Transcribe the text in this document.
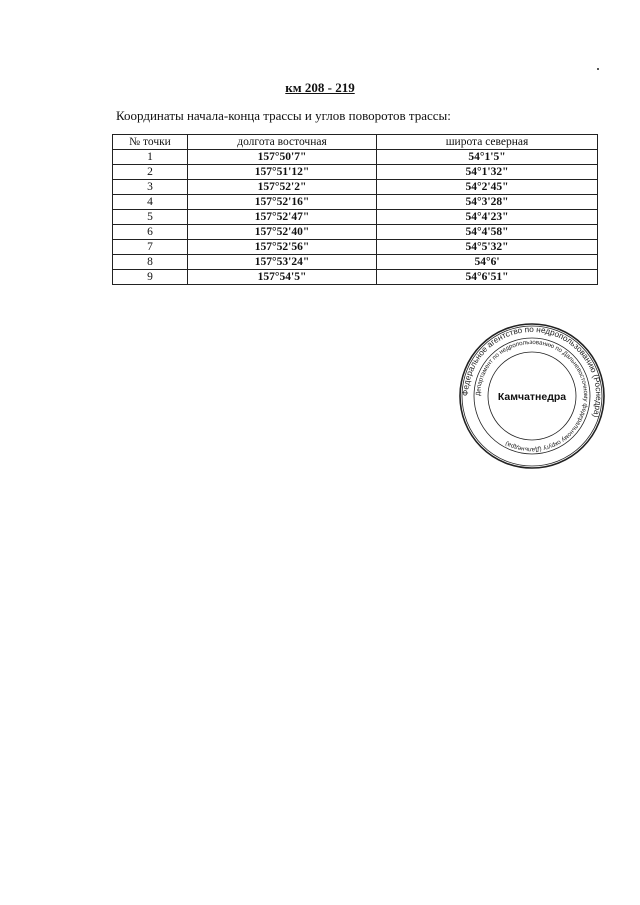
км 208 - 219
Координаты начала-конца трассы и углов поворотов трассы:
№ точки	долгота восточная	широта северная
1	157°50'7"	54°1'5"
2	157°51'12"	54°1'32"
3	157°52'2"	54°2'45"
4	157°52'16"	54°3'28"
5	157°52'47"	54°4'23"
6	157°52'40"	54°4'58"
7	157°52'56"	54°5'32"
8	157°53'24"	54°6'
9	157°54'5"	54°6'51"
Федеральное агентство по недропользованию (Роснедра)
Департамент по недропользованию по Дальневосточному федеральному округу (Дальнедра)
Камчатнедра
